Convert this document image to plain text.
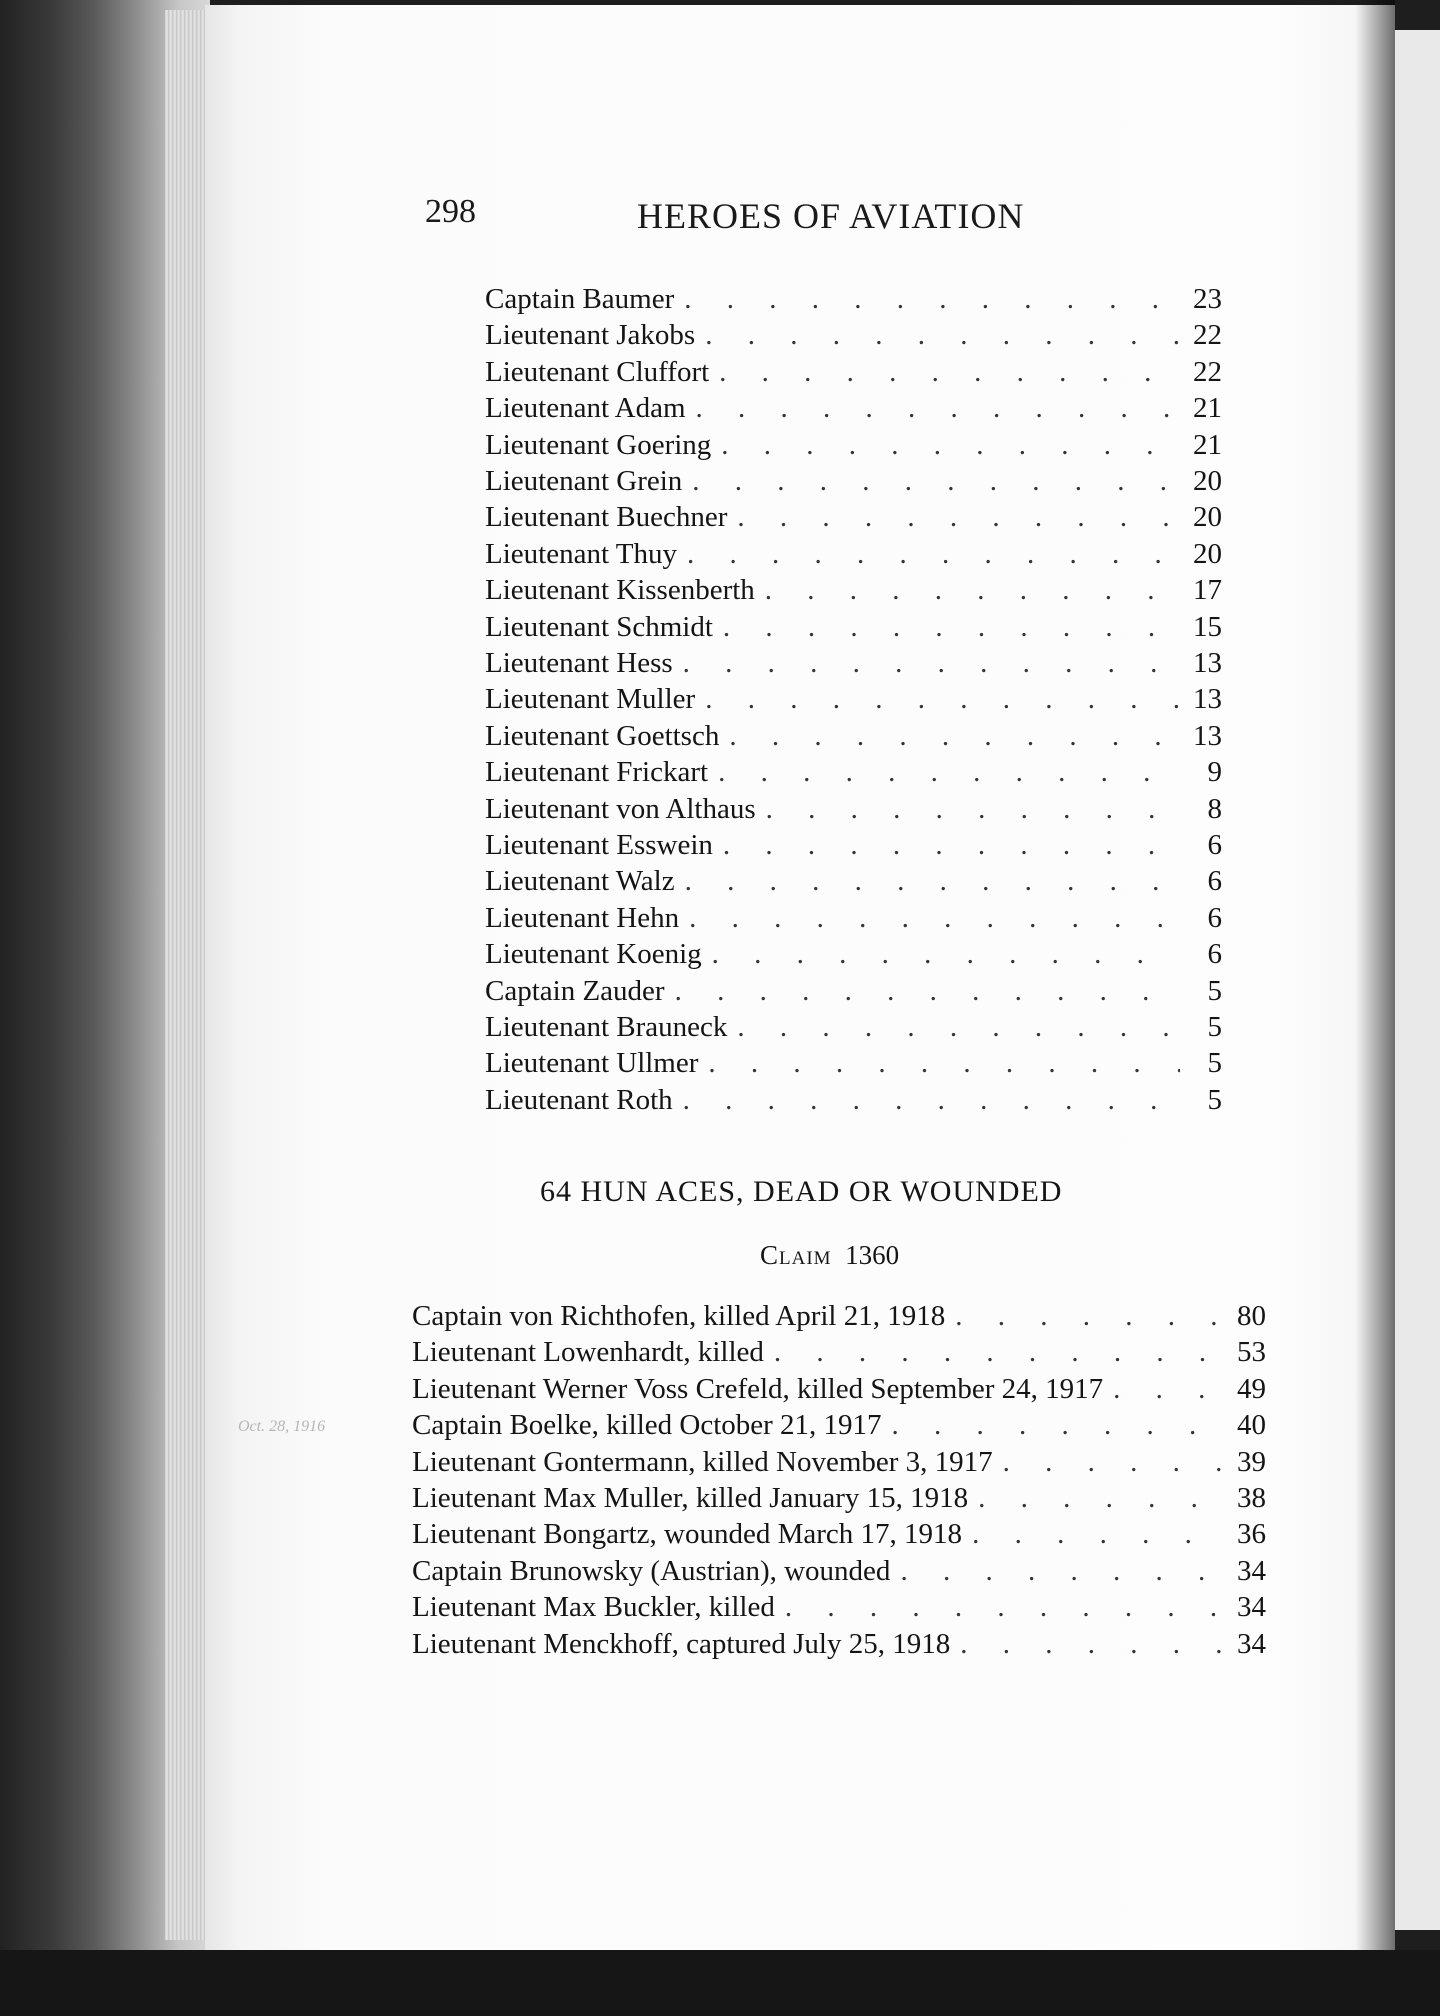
298	HEROES OF AVIATION
Captain Baumer . . .	23
Lieutenant Jakobs . . .	22
Lieutenant Cluffort . . .	22
Lieutenant Adam . . .	21
Lieutenant Goering . . .	21
Lieutenant Grein . . .	20
Lieutenant Buechner . . .	20
Lieutenant Thuy . . .	20
Lieutenant Kissenberth . . .	17
Lieutenant Schmidt . . .	15
Lieutenant Hess . . .	13
Lieutenant Muller . . .	13
Lieutenant Goettsch . . .	13
Lieutenant Frickart . . .	9
Lieutenant von Althaus . . .	8
Lieutenant Esswein . . .	6
Lieutenant Walz . . .	6
Lieutenant Hehn . . .	6
Lieutenant Koenig . . .	6
Captain Zauder . . .	5
Lieutenant Brauneck . . .	5
Lieutenant Ullmer . . .	5
Lieutenant Roth . . .	5
64 HUN ACES, DEAD OR WOUNDED
Claim 1360
Oct. 28, 1916
Captain von Richthofen, killed April 21, 1918 . . .	80
Lieutenant Lowenhardt, killed . . .	53
Lieutenant Werner Voss Crefeld, killed September 24, 1917 . . .	49
Captain Boelke, killed October 21, 1917 . . .	40
Lieutenant Gontermann, killed November 3, 1917 . . .	39
Lieutenant Max Muller, killed January 15, 1918 . . .	38
Lieutenant Bongartz, wounded March 17, 1918 . . .	36
Captain Brunowsky (Austrian), wounded . . .	34
Lieutenant Max Buckler, killed . . .	34
Lieutenant Menckhoff, captured July 25, 1918 . . .	34
